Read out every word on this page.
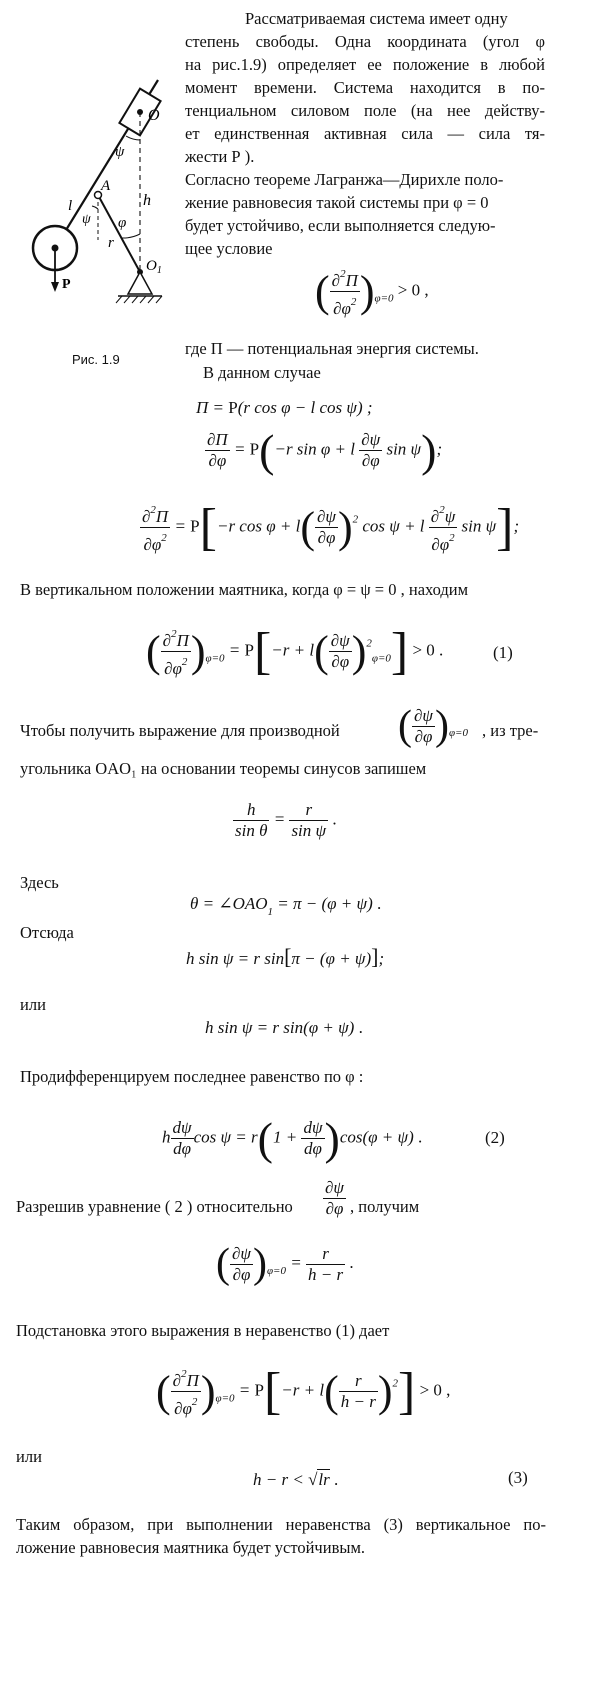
O
ψ
h
A
l
ψ φ
r
$O_1$
P
Рис. 1.9
Рассматриваемая система имеет одну
степень свободы. Одна координата (угол φ
на рис.1.9) определяет ее положение в любой
момент времени. Система находится в по-
тенциальном силовом поле (на нее действу-
ет единственная активная сила — сила тя-
жести Р ).
Согласно теореме Лагранжа—Дирихле поло-
жение равновесия такой системы при φ = 0
будет устойчиво, если выполняется следую-
щее условие
( $\frac{\partial^2П}{\partial\varphi^2} )_{\varphi=0} > 0$ ,
где П — потенциальная энергия системы.
В данном случае
П = P(r cos φ − l cos ψ) ;
$\frac{\partial П}{\partial\varphi} = P(-r$ sin φ + l $\frac{\partial\psi}{\partial\varphi}$ sin ψ);
$\frac{\partial^2П}{\partial\varphi^2} = P[-r$ $\cos \varphi + l( \frac{\partial\psi}{\partial\varphi} )^2$ cos ψ + l $\frac{\partial^2\psi}{\partial\varphi^2}$ sin ψ];
В вертикальном положении маятника, когда φ = ψ = 0 , находим
( $\frac{\partial^2П}{\partial\varphi^2} )_{\varphi=0} = P[-r + l( \frac{\partial\psi}{\partial\varphi} )^2_{\varphi=0}] > 0$ .	(1)
Чтобы получить выражение для производной ( $\frac{\partial\psi}{\partial\varphi} )_{\varphi=0}$ , из тре-
угольника OAO₁ на основании теоремы синусов запишем
$\frac{h}{\text{sin θ}} = \frac{r}{\text{sin ψ}}$ .
Здесь
$\theta = \angle OAO_1 = \pi - (\varphi + \psi)$ .
Отсюда
h sin ψ = r sin[π − (φ + ψ)];
или
h sin ψ = r sin(φ + ψ) .
Продифференцируем последнее равенство по φ :
h $\frac{d\psi}{d\varphi}$ $\cos \psi = r(1 + \frac{d\psi}{d\varphi} )\cos(\varphi + \psi)$ .	(2)
Разрешив уравнение ( 2 ) относительно $\frac{\partial\psi}{\partial\varphi}$ , получим
( $\frac{\partial\psi}{\partial\varphi} )_{\varphi=0} = \frac{r}{h - r}$ .
Подстановка этого выражения в неравенство (1) дает
( $\frac{\partial^2П}{\partial\varphi^2} )_{\varphi=0} = P[-r + l( \frac{r}{h - r} )^2] > 0$ ,
или
h − r < √lr .	(3)
Таким образом, при выполнении неравенства (3) вертикальное по-
ложение равновесия маятника будет устойчивым.
